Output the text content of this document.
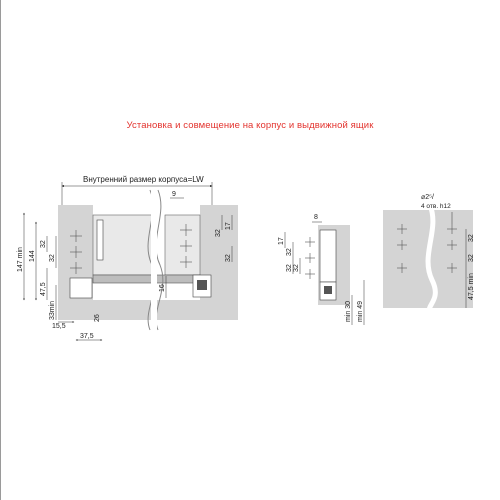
Установка и совмещение на корпус и выдвижной ящик
Внутренний размер корпуса=LW
9
147 min 144
32
32
47,5
33min
15,5
37,5
26
32
17
32
16
8
17
32
32
32
min 30 min 49
⌀2⁵/
4 отв. h12
32
32
47,5 min
